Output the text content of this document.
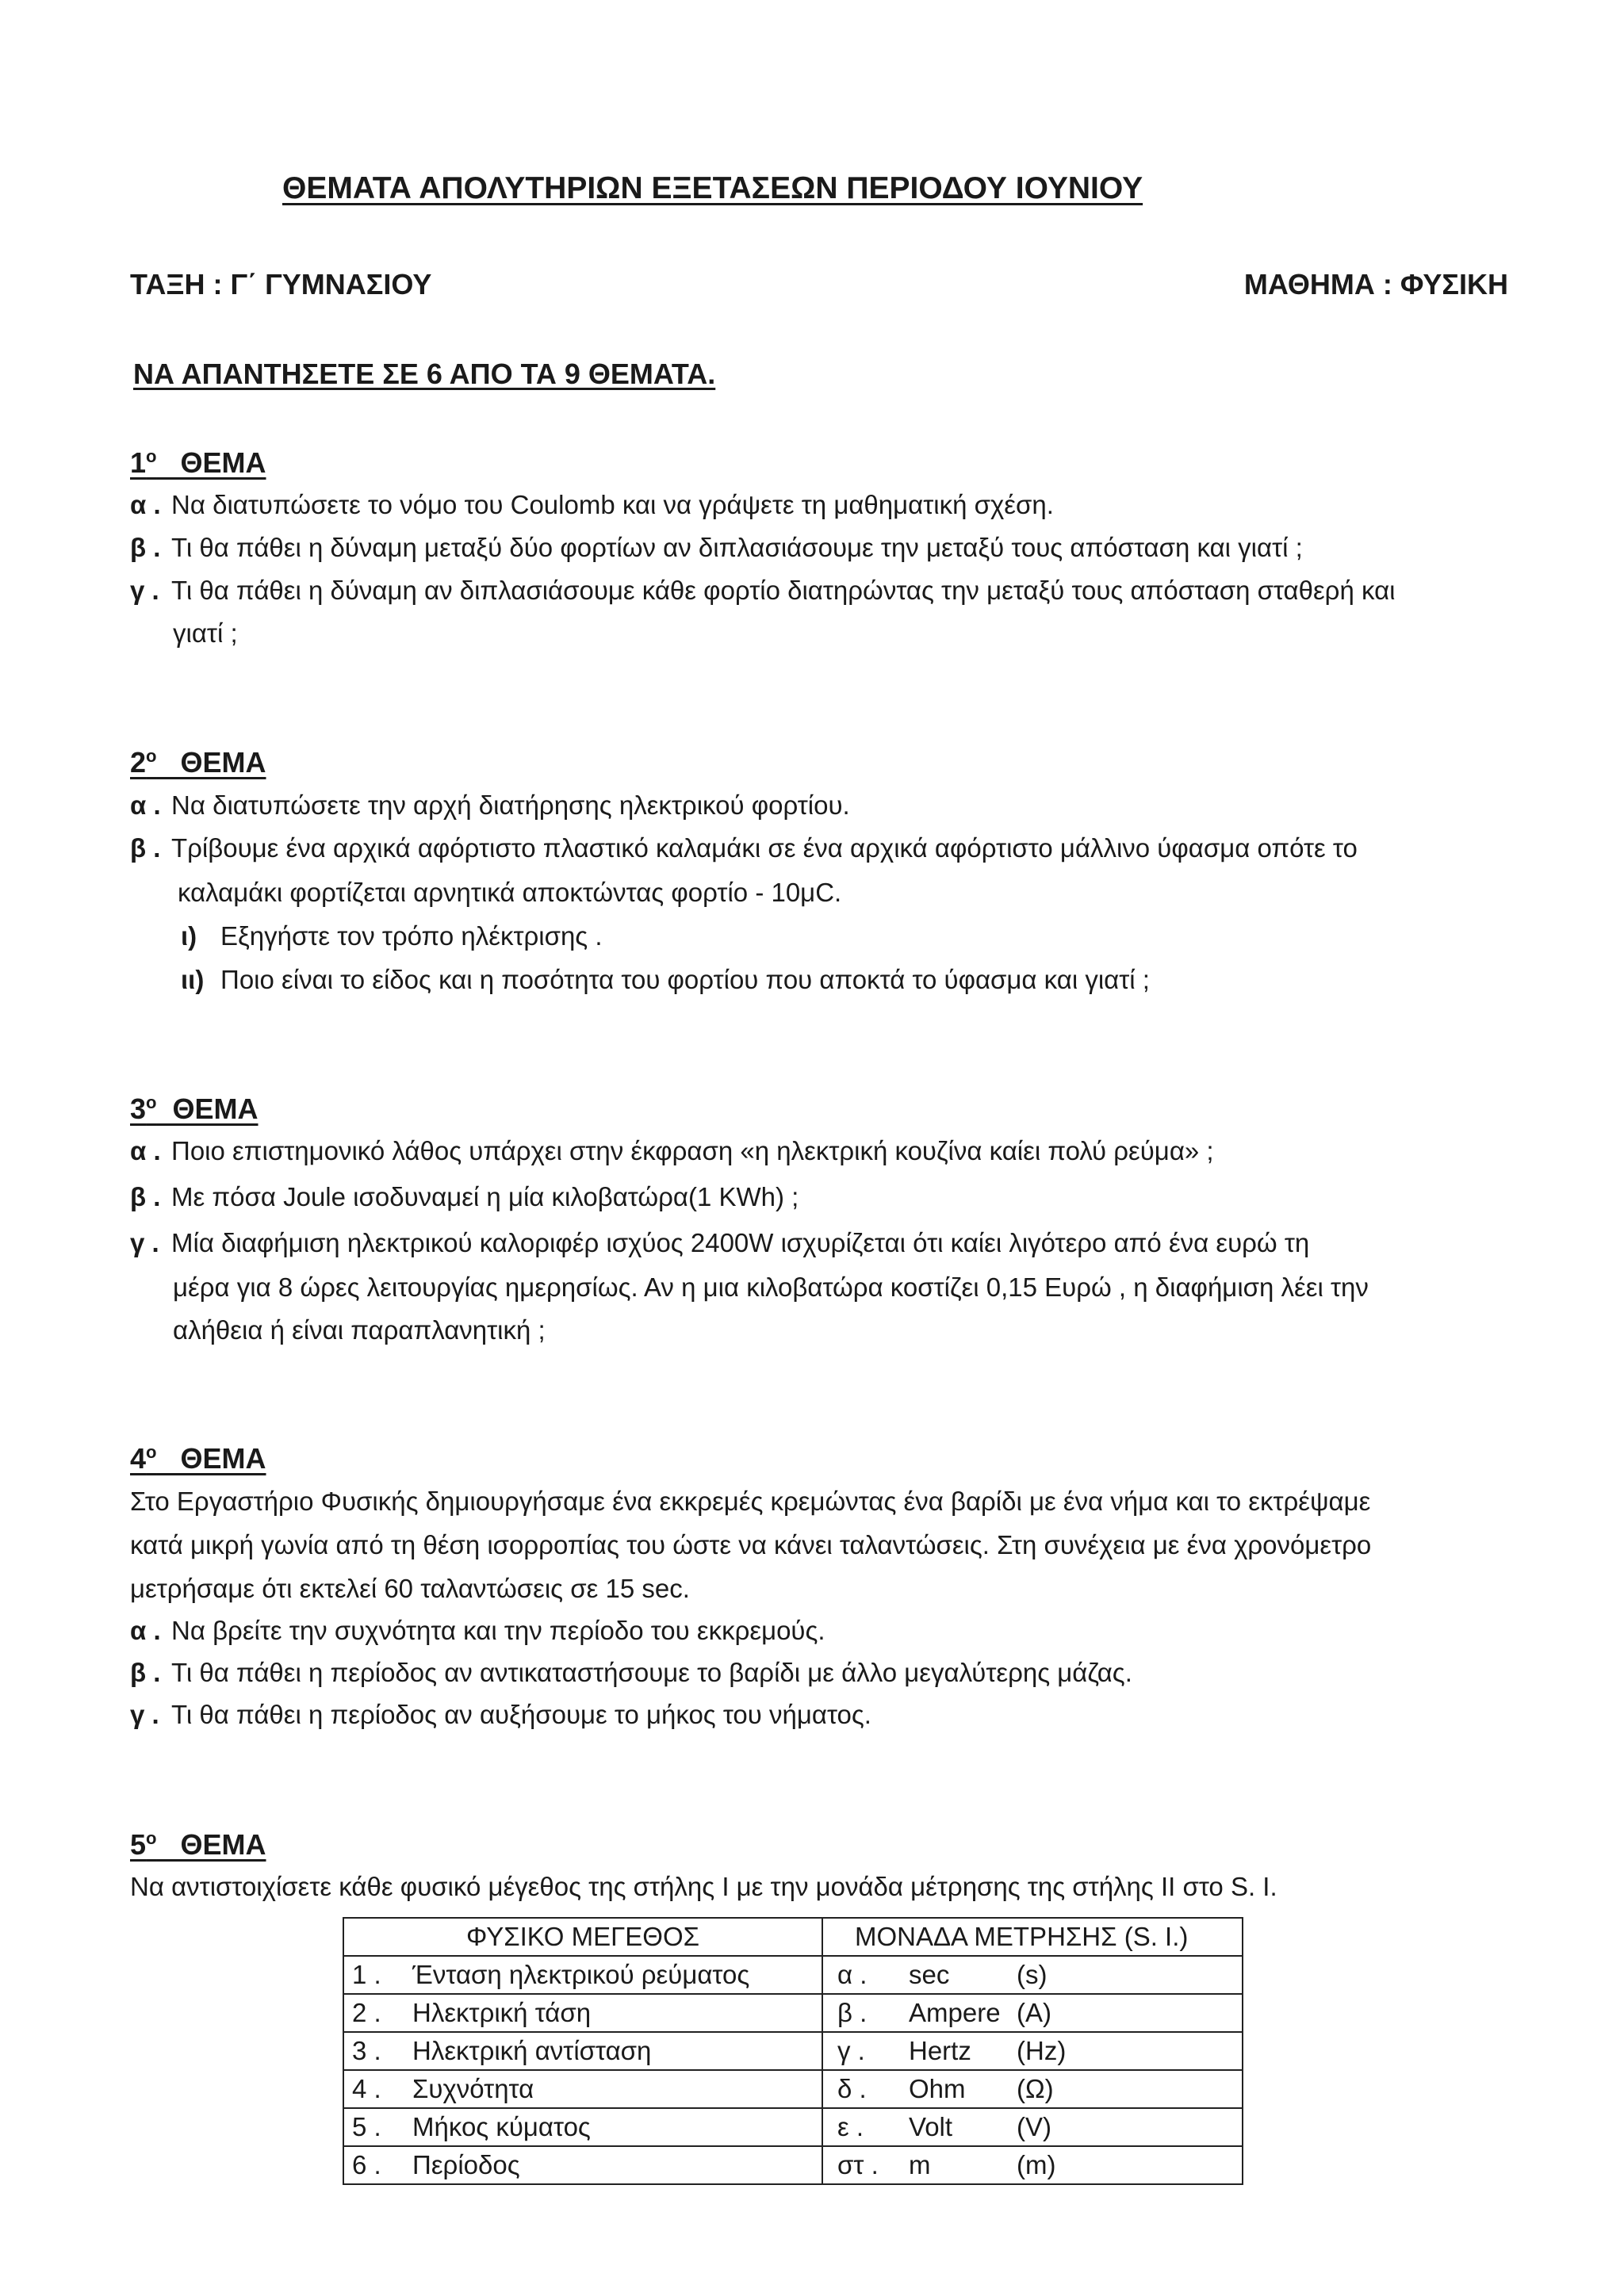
ΘΕΜΑΤΑ ΑΠΟΛΥΤΗΡΙΩΝ ΕΞΕΤΑΣΕΩΝ ΠΕΡΙΟΔΟΥ ΙΟΥΝΙΟΥ
ΤΑΞΗ : Γ΄ ΓΥΜΝΑΣΙΟΥ	ΜΑΘΗΜΑ : ΦΥΣΙΚΗ
ΝΑ ΑΠΑΝΤΗΣΕΤΕ ΣΕ 6 ΑΠΟ ΤΑ 9 ΘΕΜΑΤΑ.
$1^o$ ΘΕΜΑ
α . Να διατυπώσετε το νόμο του Coulomb και να γράψετε τη μαθηματική σχέση.
β . Τι θα πάθει η δύναμη μεταξύ δύο φορτίων αν διπλασιάσουμε την μεταξύ τους απόσταση και γιατί ;
γ . Τι θα πάθει η δύναμη αν διπλασιάσουμε κάθε φορτίο διατηρώντας την μεταξύ τους απόσταση σταθερή και
γιατί ;
$2^o$ ΘΕΜΑ
α . Να διατυπώσετε την αρχή διατήρησης ηλεκτρικού φορτίου.
β . Τρίβουμε ένα αρχικά αφόρτιστο πλαστικό καλαμάκι σε ένα αρχικά αφόρτιστο μάλλινο ύφασμα οπότε το
καλαμάκι φορτίζεται αρνητικά αποκτώντας φορτίο - 10μC.
ι) Εξηγήστε τον τρόπο ηλέκτρισης .
ιι) Ποιο είναι το είδος και η ποσότητα του φορτίου που αποκτά το ύφασμα και γιατί ;
$3^o$ ΘΕΜΑ
α . Ποιο επιστημονικό λάθος υπάρχει στην έκφραση «η ηλεκτρική κουζίνα καίει πολύ ρεύμα» ;
β . Με πόσα Joule ισοδυναμεί η μία κιλοβατώρα(1 KWh) ;
γ . Μία διαφήμιση ηλεκτρικού καλοριφέρ ισχύος 2400W ισχυρίζεται ότι καίει λιγότερο από ένα ευρώ τη
μέρα για 8 ώρες λειτουργίας ημερησίως. Αν η μια κιλοβατώρα κοστίζει 0,15 Ευρώ , η διαφήμιση λέει την
αλήθεια ή είναι παραπλανητική ;
$4^o$ ΘΕΜΑ
Στο Εργαστήριο Φυσικής δημιουργήσαμε ένα εκκρεμές κρεμώντας ένα βαρίδι με ένα νήμα και το εκτρέψαμε
κατά μικρή γωνία από τη θέση ισορροπίας του ώστε να κάνει ταλαντώσεις. Στη συνέχεια με ένα χρονόμετρο
μετρήσαμε ότι εκτελεί 60 ταλαντώσεις σε 15 sec.
α . Να βρείτε την συχνότητα και την περίοδο του εκκρεμούς.
β . Τι θα πάθει η περίοδος αν αντικαταστήσουμε το βαρίδι με άλλο μεγαλύτερης μάζας.
γ . Τι θα πάθει η περίοδος αν αυξήσουμε το μήκος του νήματος.
$5^o$ ΘΕΜΑ
Να αντιστοιχίσετε κάθε φυσικό μέγεθος της στήλης Ι με την μονάδα μέτρησης της στήλης ΙΙ στο S. I.
ΦΥΣΙΚΟ ΜΕΓΕΘΟΣ	ΜΟΝΑΔΑ ΜΕΤΡΗΣΗΣ (S. I.)
1 . Ένταση ηλεκτρικού ρεύματος	α . sec (s)
2 . Ηλεκτρική τάση	β . Ampere (A)
3 . Ηλεκτρική αντίσταση	γ . Hertz (Hz)
4 . Συχνότητα	δ . Ohm (Ω)
5 . Μήκος κύματος	ε . Volt (V)
6 . Περίοδος	στ . m (m)
